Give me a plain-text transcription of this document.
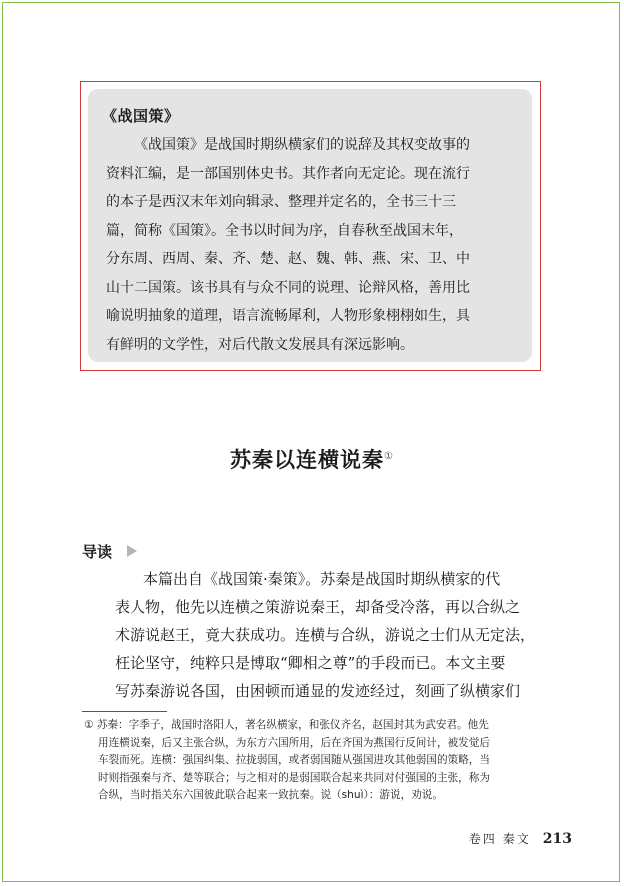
《战国策》
《战国策》是战国时期纵横家们的说辞及其权变故事的
资料汇编，是一部国别体史书。其作者向无定论。现在流行
的本子是西汉末年刘向辑录、整理并定名的，全书三十三
篇，简称《国策》。全书以时间为序，自春秋至战国末年，
分东周、西周、秦、齐、楚、赵、魏、韩、燕、宋、卫、中
山十二国策。该书具有与众不同的说理、论辩风格，善用比
喻说明抽象的道理，语言流畅犀利，人物形象栩栩如生，具
有鲜明的文学性，对后代散文发展具有深远影响。
苏秦以连横说秦①
导读
本篇出自《战国策·秦策》。苏秦是战国时期纵横家的代
表人物，他先以连横之策游说秦王，却备受冷落，再以合纵之
术游说赵王，竟大获成功。连横与合纵，游说之士们从无定法，
枉论坚守，纯粹只是博取“卿相之尊”的手段而已。本文主要
写苏秦游说各国，由困顿而通显的发迹经过，刻画了纵横家们
① 苏秦：字季子，战国时洛阳人，著名纵横家，和张仪齐名，赵国封其为武安君。他先
用连横说秦，后又主张合纵，为东方六国所用，后在齐国为燕国行反间计，被发觉后
车裂而死。连横：强国纠集、拉拢弱国，或者弱国随从强国进攻其他弱国的策略，当
时则指强秦与齐、楚等联合；与之相对的是弱国联合起来共同对付强国的主张，称为
合纵，当时指关东六国彼此联合起来一致抗秦。说（shuì）：游说，劝说。
卷四 秦文 213
